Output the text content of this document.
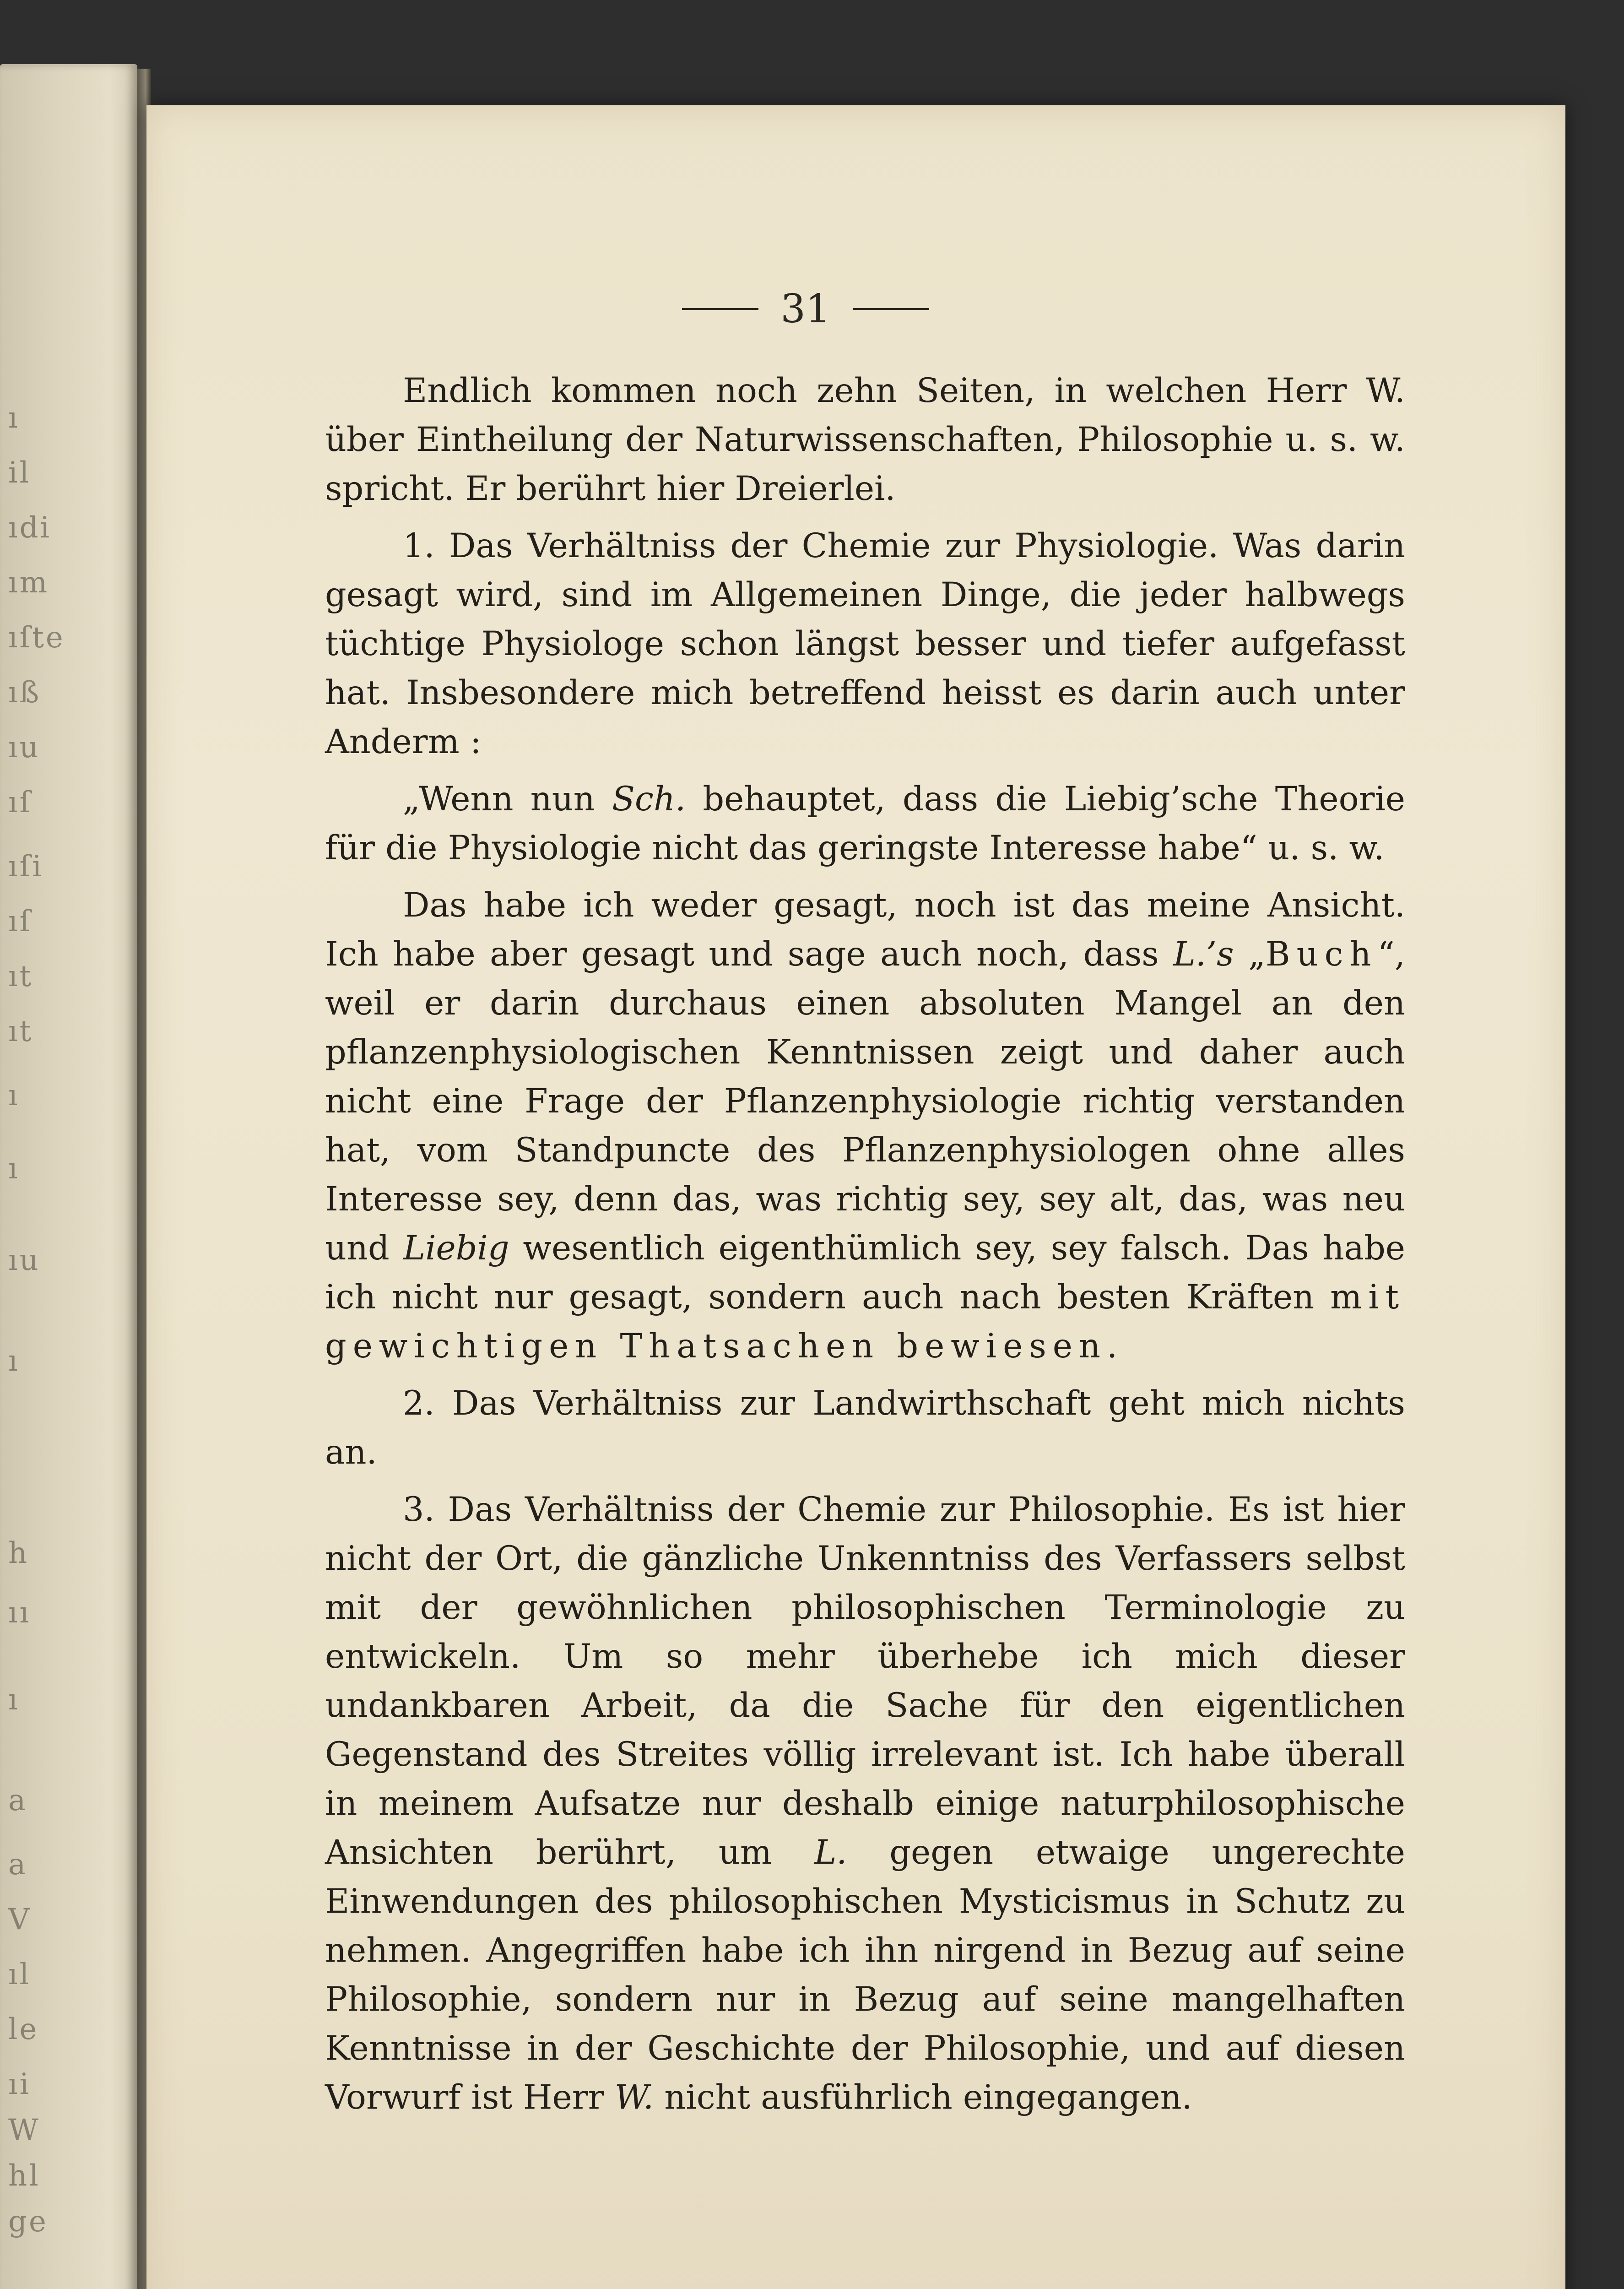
ı
il
ıdi
ım
ıſte
ıß
ıu
ıſ
ıſi
ıſ
ıt
ıt
ı
ı
ıu
ı
h
ıı
ı
a
a
V
ıl
le
ıi
W
hl
ge
31

Endlich kommen noch zehn Seiten, in welchen Herr W. über Eintheilung der Naturwissenschaften, Philosophie u. s. w. spricht. Er berührt hier Dreierlei.

1. Das Verhältniss der Chemie zur Physiologie. Was darin gesagt wird, sind im Allgemeinen Dinge, die jeder halbwegs tüchtige Physiologe schon längst besser und tiefer aufgefasst hat. Insbesondere mich betreffend heisst es darin auch unter Anderm :

„Wenn nun Sch. behauptet, dass die Liebig’sche Theorie für die Physiologie nicht das geringste Interesse habe“ u. s. w.

Das habe ich weder gesagt, noch ist das meine Ansicht. Ich habe aber gesagt und sage auch noch, dass L.’s „Buch“, weil er darin durchaus einen absoluten Mangel an den pflanzenphysiologischen Kenntnissen zeigt und daher auch nicht eine Frage der Pflanzenphysiologie richtig verstanden hat, vom Standpuncte des Pflanzenphysiologen ohne alles Interesse sey, denn das, was richtig sey, sey alt, das, was neu und Liebig wesentlich eigenthümlich sey, sey falsch. Das habe ich nicht nur gesagt, sondern auch nach besten Kräften mit gewichtigen Thatsachen bewiesen.

2. Das Verhältniss zur Landwirthschaft geht mich nichts an.

3. Das Verhältniss der Chemie zur Philosophie. Es ist hier nicht der Ort, die gänzliche Unkenntniss des Verfassers selbst mit der gewöhnlichen philosophischen Terminologie zu entwickeln. Um so mehr überhebe ich mich dieser undankbaren Arbeit, da die Sache für den eigentlichen Gegenstand des Streites völlig irrelevant ist. Ich habe überall in meinem Aufsatze nur deshalb einige naturphilosophische Ansichten berührt, um L. gegen etwaige ungerechte Einwendungen des philosophischen Mysticismus in Schutz zu nehmen. Angegriffen habe ich ihn nirgend in Bezug auf seine Philosophie, sondern nur in Bezug auf seine mangelhaften Kenntnisse in der Geschichte der Philosophie, und auf diesen Vorwurf ist Herr W. nicht ausführlich eingegangen.
